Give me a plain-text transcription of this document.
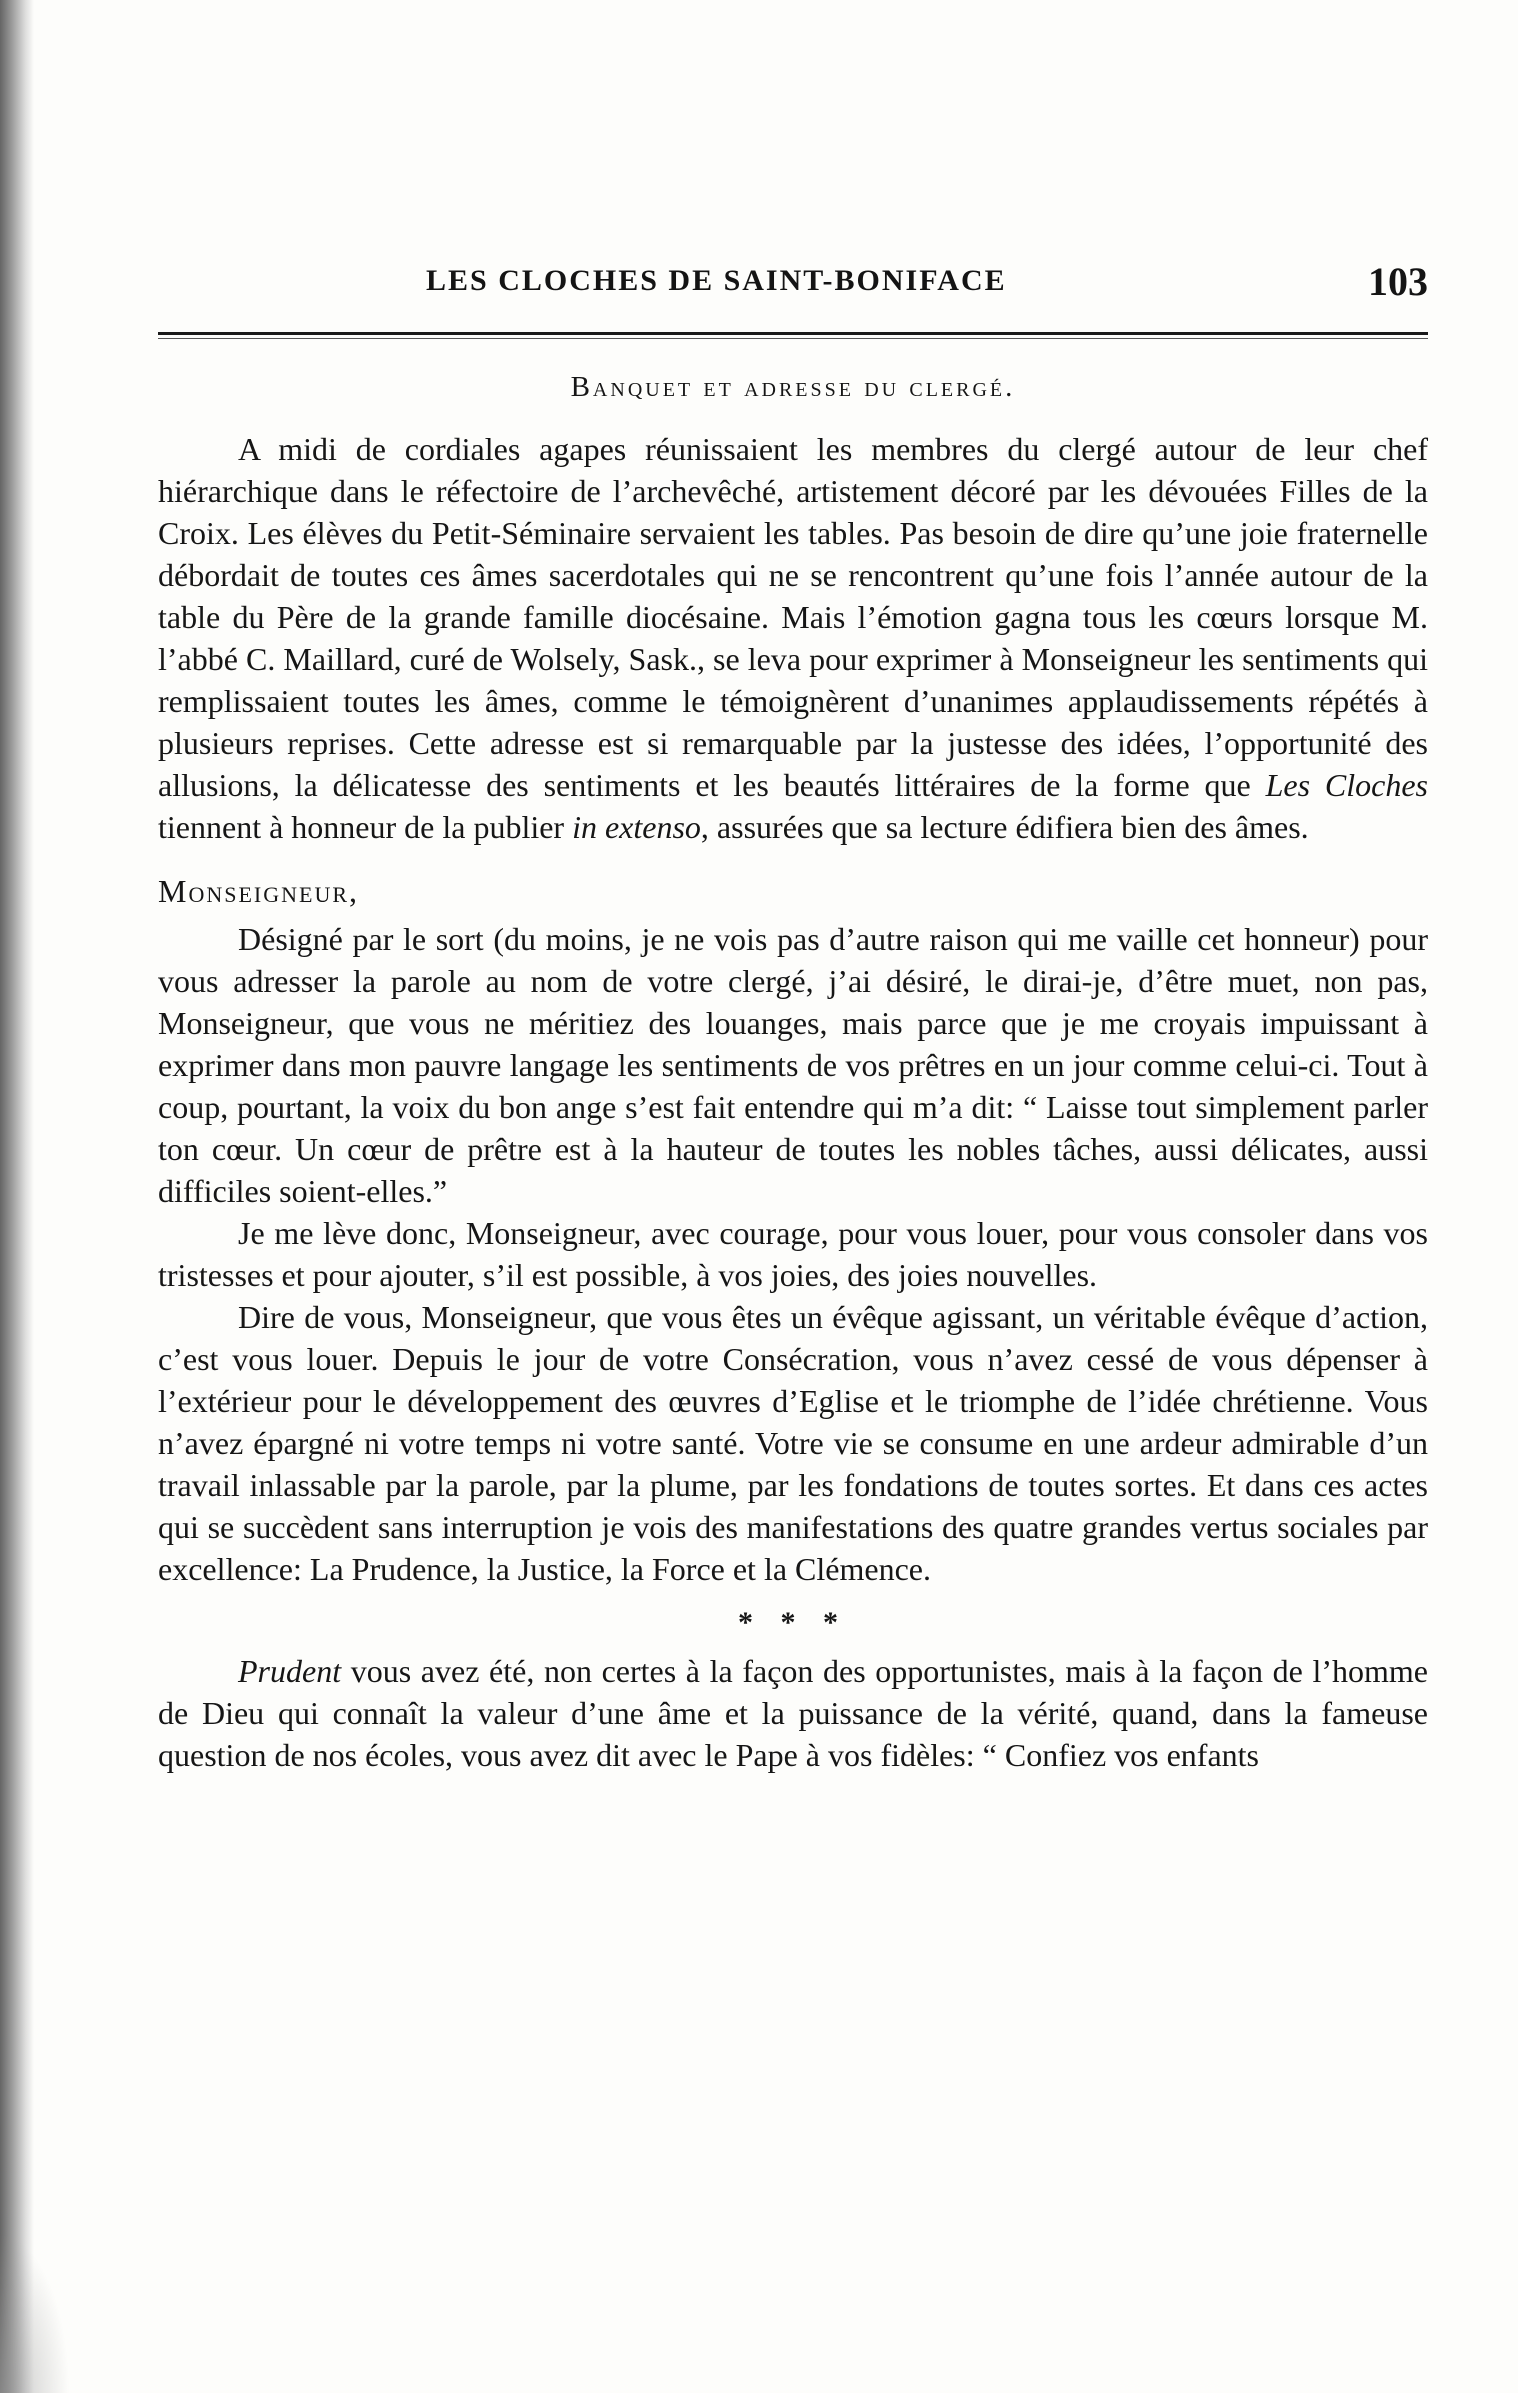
LES CLOCHES DE SAINT-BONIFACE	103
Banquet et adresse du clergé.

A midi de cordiales agapes réunissaient les membres du clergé autour de leur chef hiérarchique dans le réfectoire de l’archevêché, artistement décoré par les dévouées Filles de la Croix. Les élèves du Petit-Séminaire servaient les tables. Pas besoin de dire qu’une joie fraternelle débordait de toutes ces âmes sacerdotales qui ne se rencontrent qu’une fois l’année autour de la table du Père de la grande famille diocésaine. Mais l’émotion gagna tous les cœurs lorsque M. l’abbé C. Maillard, curé de Wolsely, Sask., se leva pour exprimer à Monseigneur les sentiments qui remplissaient toutes les âmes, comme le témoignèrent d’unanimes applaudissements répétés à plusieurs reprises. Cette adresse est si remarquable par la justesse des idées, l’opportunité des allusions, la délicatesse des sentiments et les beautés littéraires de la forme que Les Cloches tiennent à honneur de la publier in extenso, assurées que sa lecture édifiera bien des âmes.

Monseigneur,

Désigné par le sort (du moins, je ne vois pas d’autre raison qui me vaille cet honneur) pour vous adresser la parole au nom de votre clergé, j’ai désiré, le dirai-je, d’être muet, non pas, Monseigneur, que vous ne méritiez des louanges, mais parce que je me croyais impuissant à exprimer dans mon pauvre langage les sentiments de vos prêtres en un jour comme celui-ci. Tout à coup, pourtant, la voix du bon ange s’est fait entendre qui m’a dit: “ Laisse tout simplement parler ton cœur. Un cœur de prêtre est à la hauteur de toutes les nobles tâches, aussi délicates, aussi difficiles soient-elles.”

Je me lève donc, Monseigneur, avec courage, pour vous louer, pour vous consoler dans vos tristesses et pour ajouter, s’il est possible, à vos joies, des joies nouvelles.

Dire de vous, Monseigneur, que vous êtes un évêque agissant, un véritable évêque d’action, c’est vous louer. Depuis le jour de votre Consécration, vous n’avez cessé de vous dépenser à l’extérieur pour le développement des œuvres d’Eglise et le triomphe de l’idée chrétienne. Vous n’avez épargné ni votre temps ni votre santé. Votre vie se consume en une ardeur admirable d’un travail inlassable par la parole, par la plume, par les fondations de toutes sortes. Et dans ces actes qui se succèdent sans interruption je vois des manifestations des quatre grandes vertus sociales par excellence: La Prudence, la Justice, la Force et la Clémence.

* * *

Prudent vous avez été, non certes à la façon des opportunistes, mais à la façon de l’homme de Dieu qui connaît la valeur d’une âme et la puissance de la vérité, quand, dans la fameuse question de nos écoles, vous avez dit avec le Pape à vos fidèles: “ Confiez vos enfants
